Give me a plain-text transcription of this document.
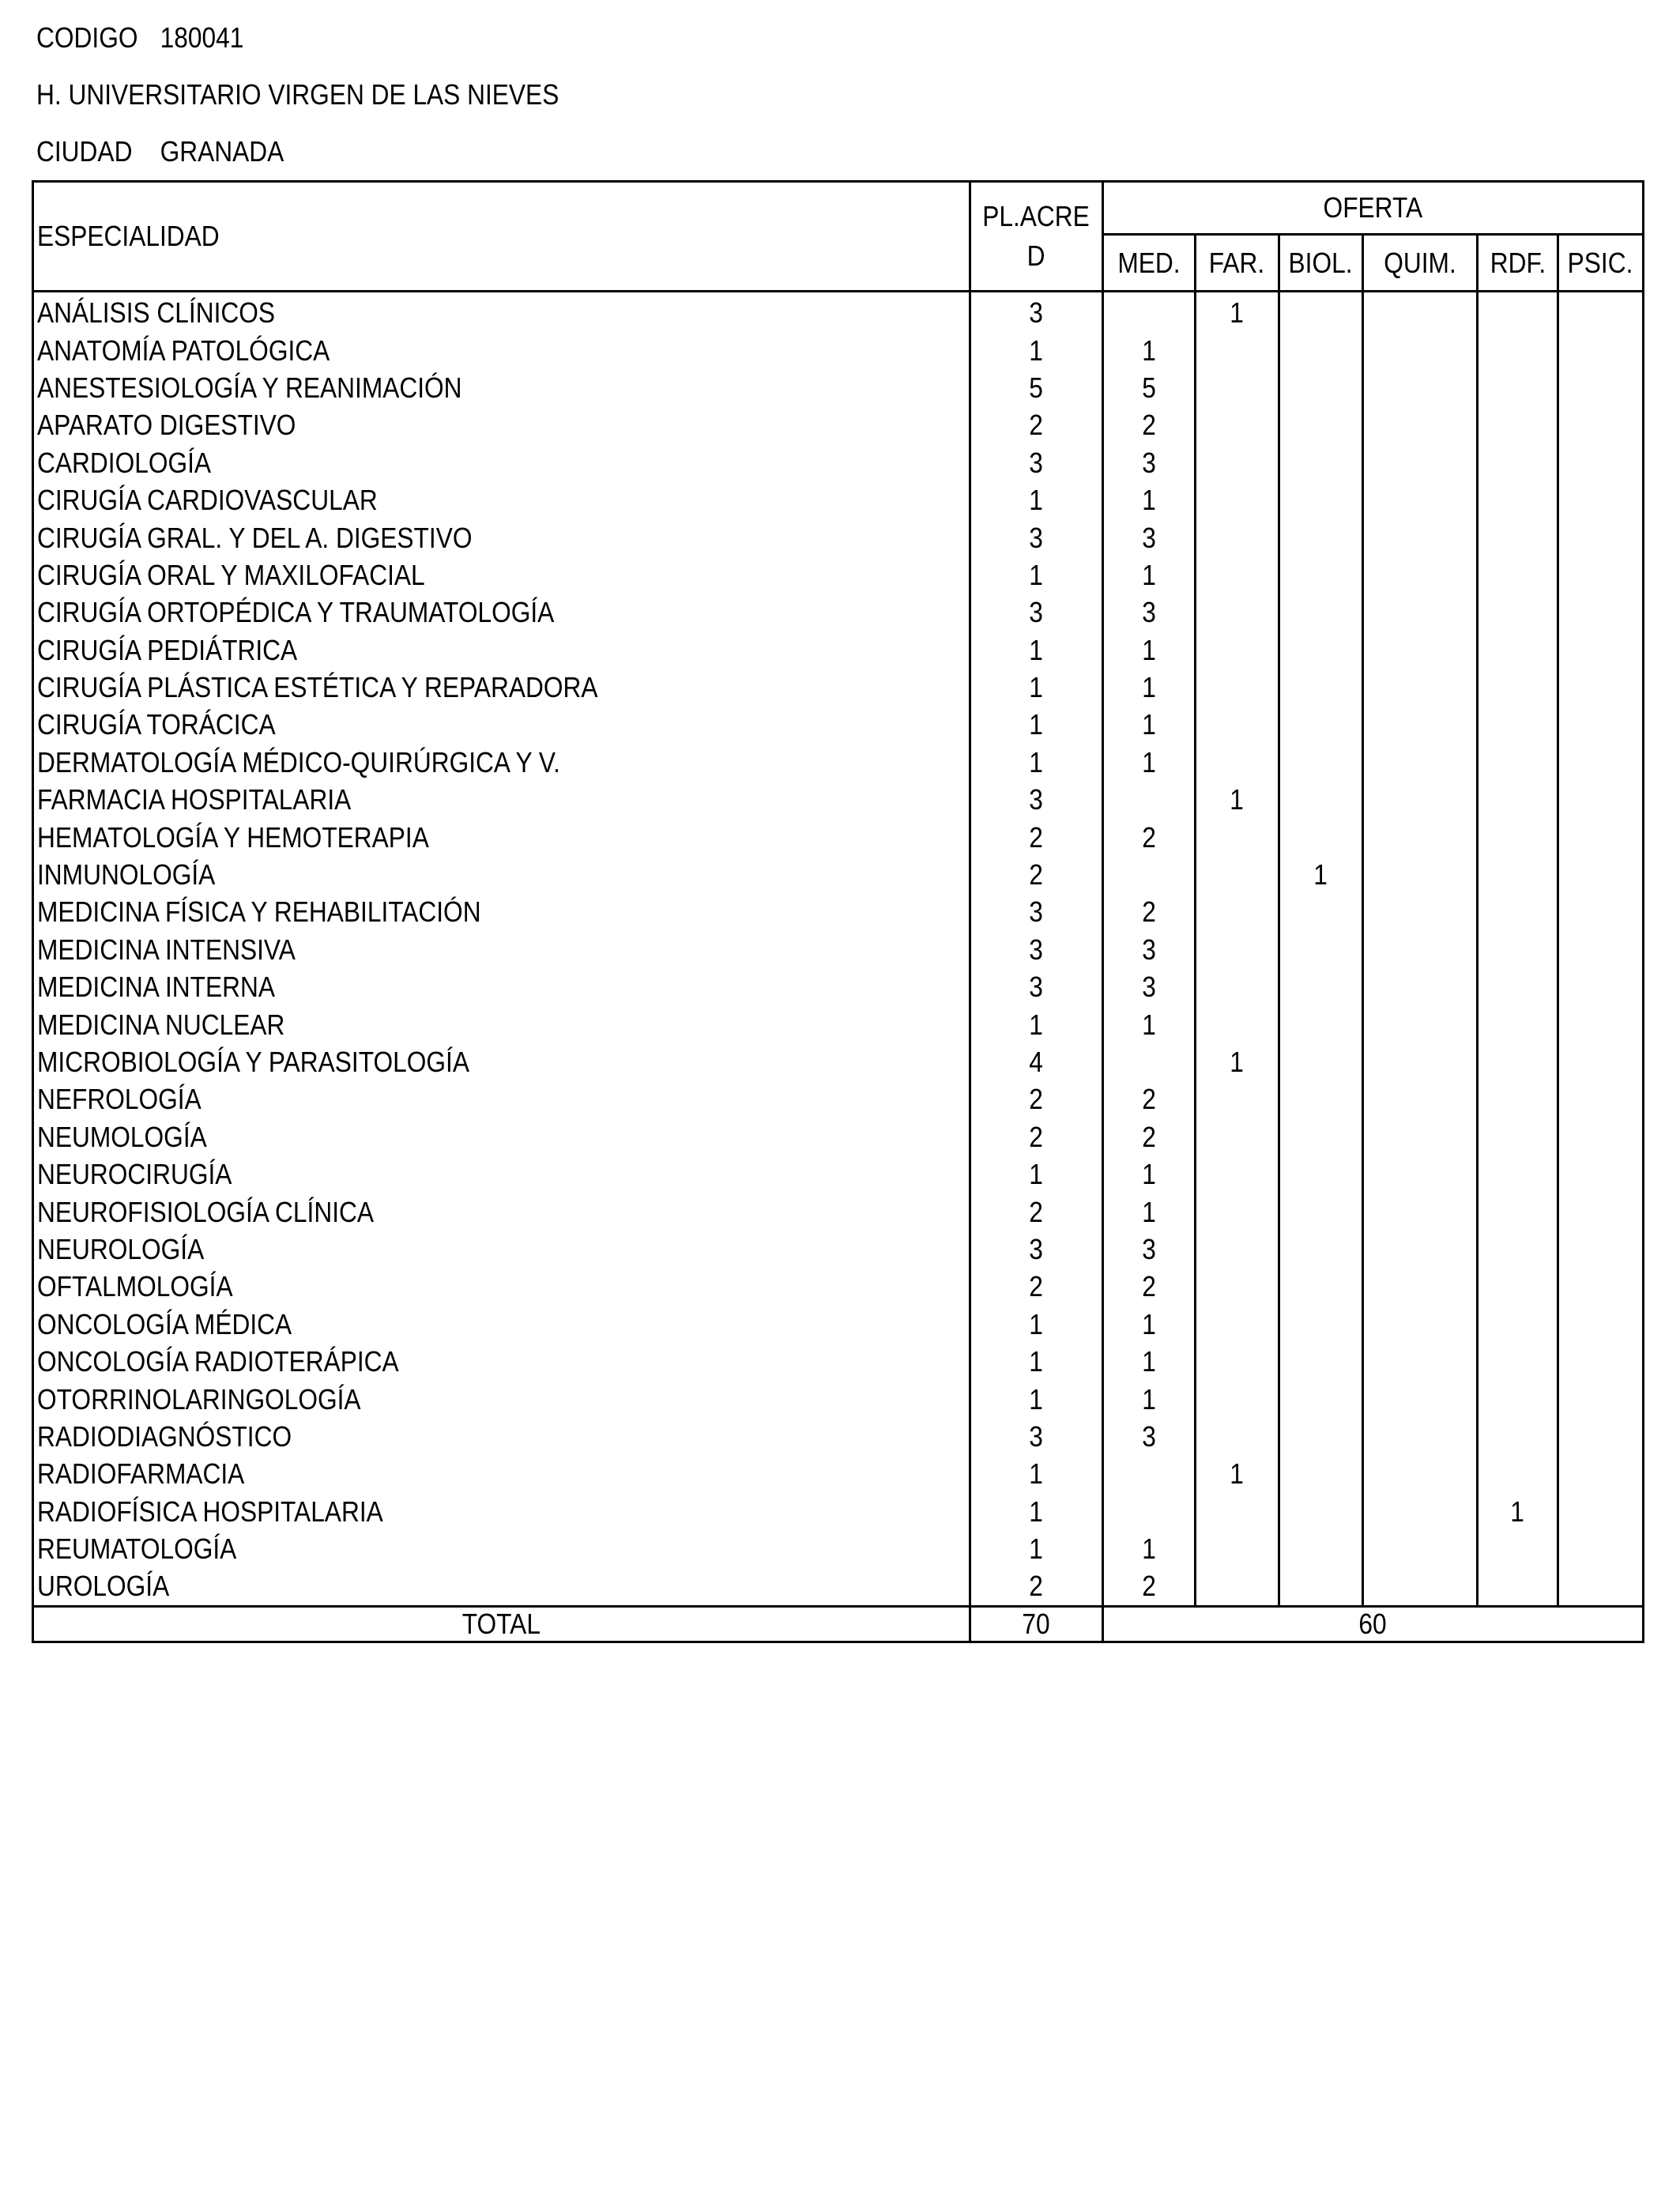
CODIGO 180041
H. UNIVERSITARIO VIRGEN DE LAS NIEVES
CIUDAD GRANADA
ESPECIALIDAD	PL.ACRE
D	OFERTA					
		MED.	FAR.	BIOL.	QUIM.	RDF.	PSIC.
ANÁLISIS CLÍNICOS	3		1				
ANATOMÍA PATOLÓGICA	1	1					
ANESTESIOLOGÍA Y REANIMACIÓN	5	5					
APARATO DIGESTIVO	2	2					
CARDIOLOGÍA	3	3					
CIRUGÍA CARDIOVASCULAR	1	1					
CIRUGÍA GRAL. Y DEL A. DIGESTIVO	3	3					
CIRUGÍA ORAL Y MAXILOFACIAL	1	1					
CIRUGÍA ORTOPÉDICA Y TRAUMATOLOGÍA	3	3					
CIRUGÍA PEDIÁTRICA	1	1					
CIRUGÍA PLÁSTICA ESTÉTICA Y REPARADORA	1	1					
CIRUGÍA TORÁCICA	1	1					
DERMATOLOGÍA MÉDICO-QUIRÚRGICA Y V.	1	1					
FARMACIA HOSPITALARIA	3		1				
HEMATOLOGÍA Y HEMOTERAPIA	2	2					
INMUNOLOGÍA	2			1			
MEDICINA FÍSICA Y REHABILITACIÓN	3	2					
MEDICINA INTENSIVA	3	3					
MEDICINA INTERNA	3	3					
MEDICINA NUCLEAR	1	1					
MICROBIOLOGÍA Y PARASITOLOGÍA	4		1				
NEFROLOGÍA	2	2					
NEUMOLOGÍA	2	2					
NEUROCIRUGÍA	1	1					
NEUROFISIOLOGÍA CLÍNICA	2	1					
NEUROLOGÍA	3	3					
OFTALMOLOGÍA	2	2					
ONCOLOGÍA MÉDICA	1	1					
ONCOLOGÍA RADIOTERÁPICA	1	1					
OTORRINOLARINGOLOGÍA	1	1					
RADIODIAGNÓSTICO	3	3					
RADIOFARMACIA	1		1				
RADIOFÍSICA HOSPITALARIA	1					1	
REUMATOLOGÍA	1	1					
UROLOGÍA	2	2					
TOTAL	70	60					
